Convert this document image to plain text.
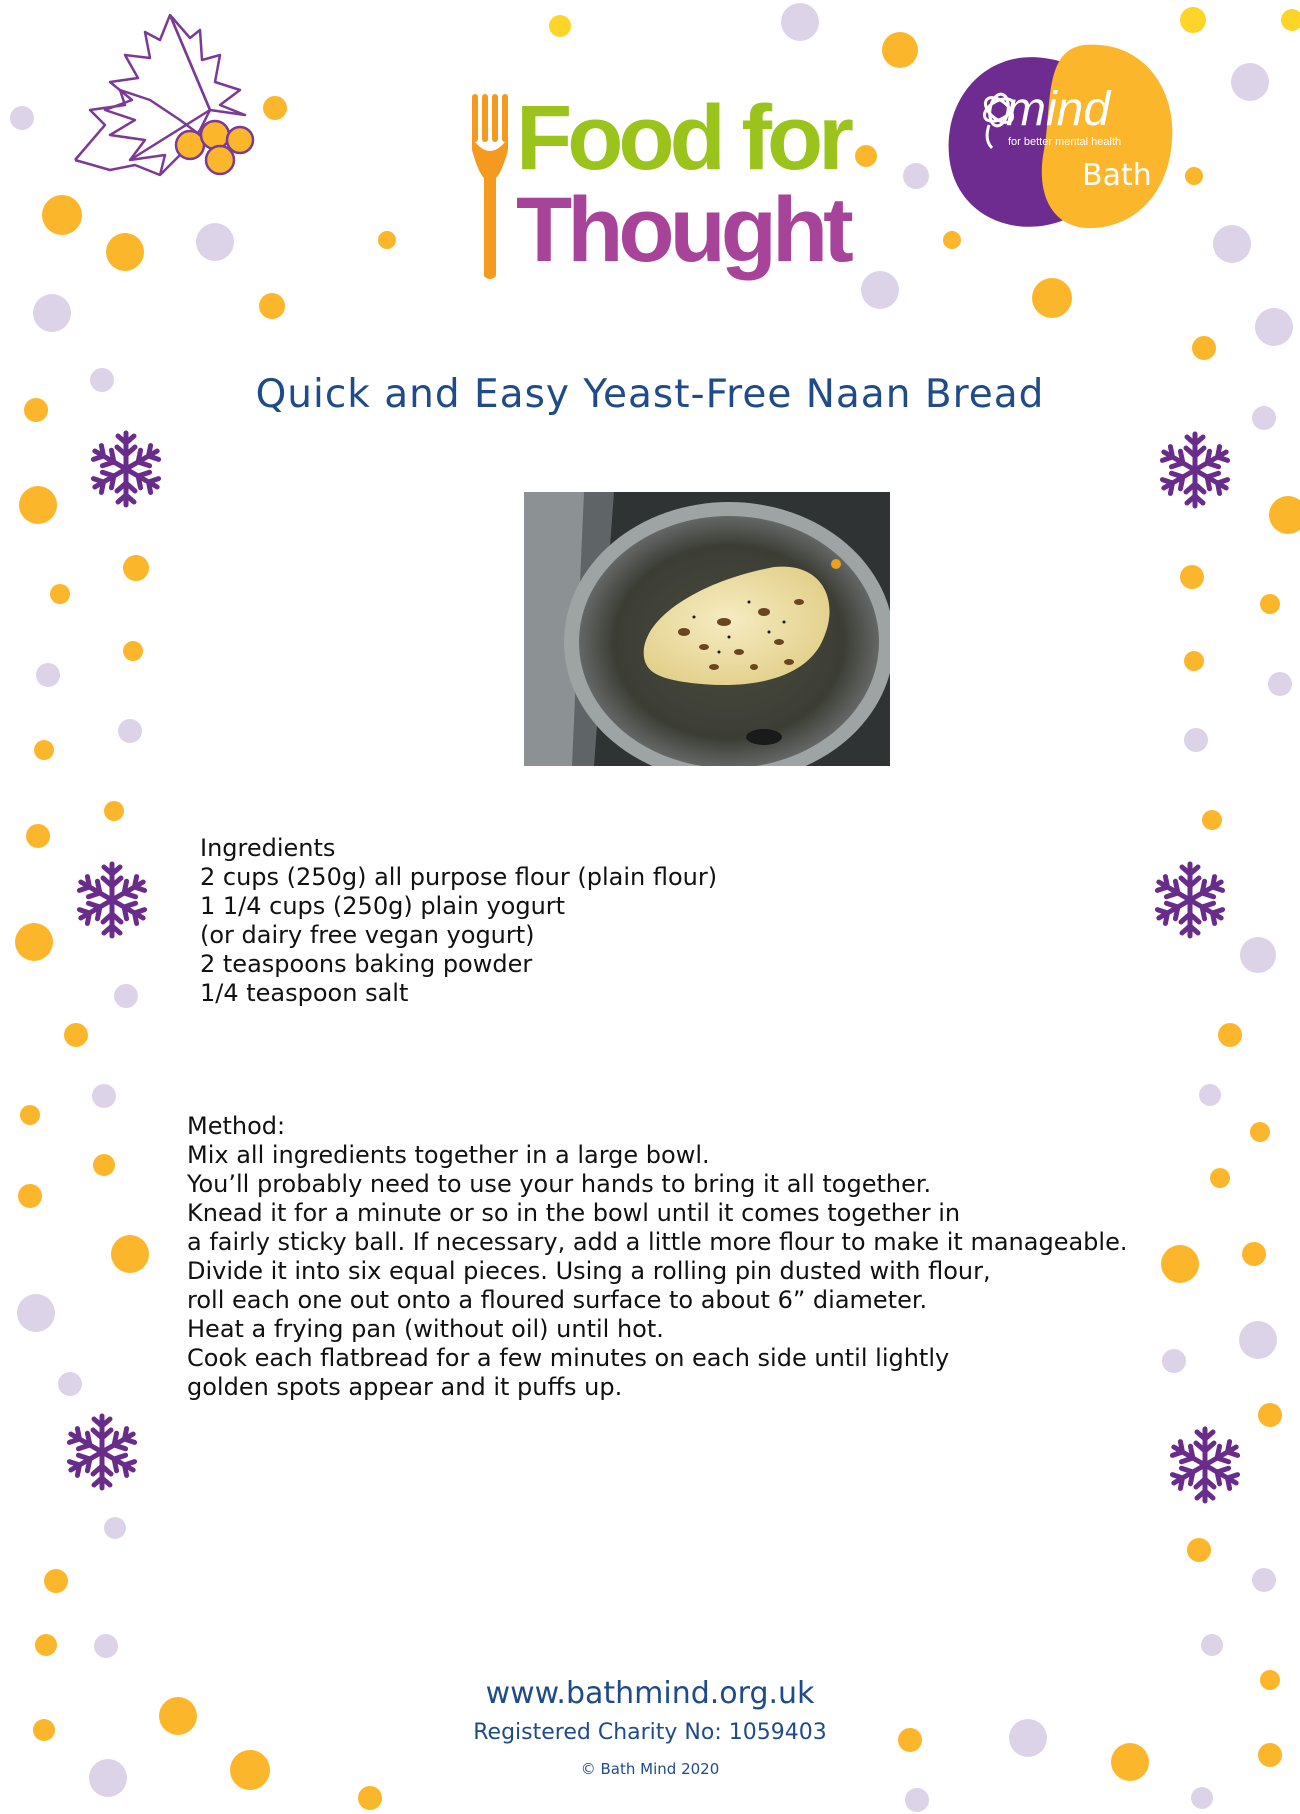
Food for
Thought
mind
for better mental health
Bath
Quick and Easy Yeast-Free Naan Bread
Ingredients
2 cups (250g) all purpose flour (plain flour)
1 1/4 cups (250g) plain yogurt
(or dairy free vegan yogurt)
2 teaspoons baking powder
1/4 teaspoon salt
Method:
Mix all ingredients together in a large bowl.
You’ll probably need to use your hands to bring it all together.
Knead it for a minute or so in the bowl until it comes together in
a fairly sticky ball. If necessary, add a little more flour to make it manageable.
Divide it into six equal pieces. Using a rolling pin dusted with flour,
roll each one out onto a floured surface to about 6” diameter.
Heat a frying pan (without oil) until hot.
Cook each flatbread for a few minutes on each side until lightly
golden spots appear and it puffs up.
www.bathmind.org.uk
Registered Charity No: 1059403
© Bath Mind 2020
